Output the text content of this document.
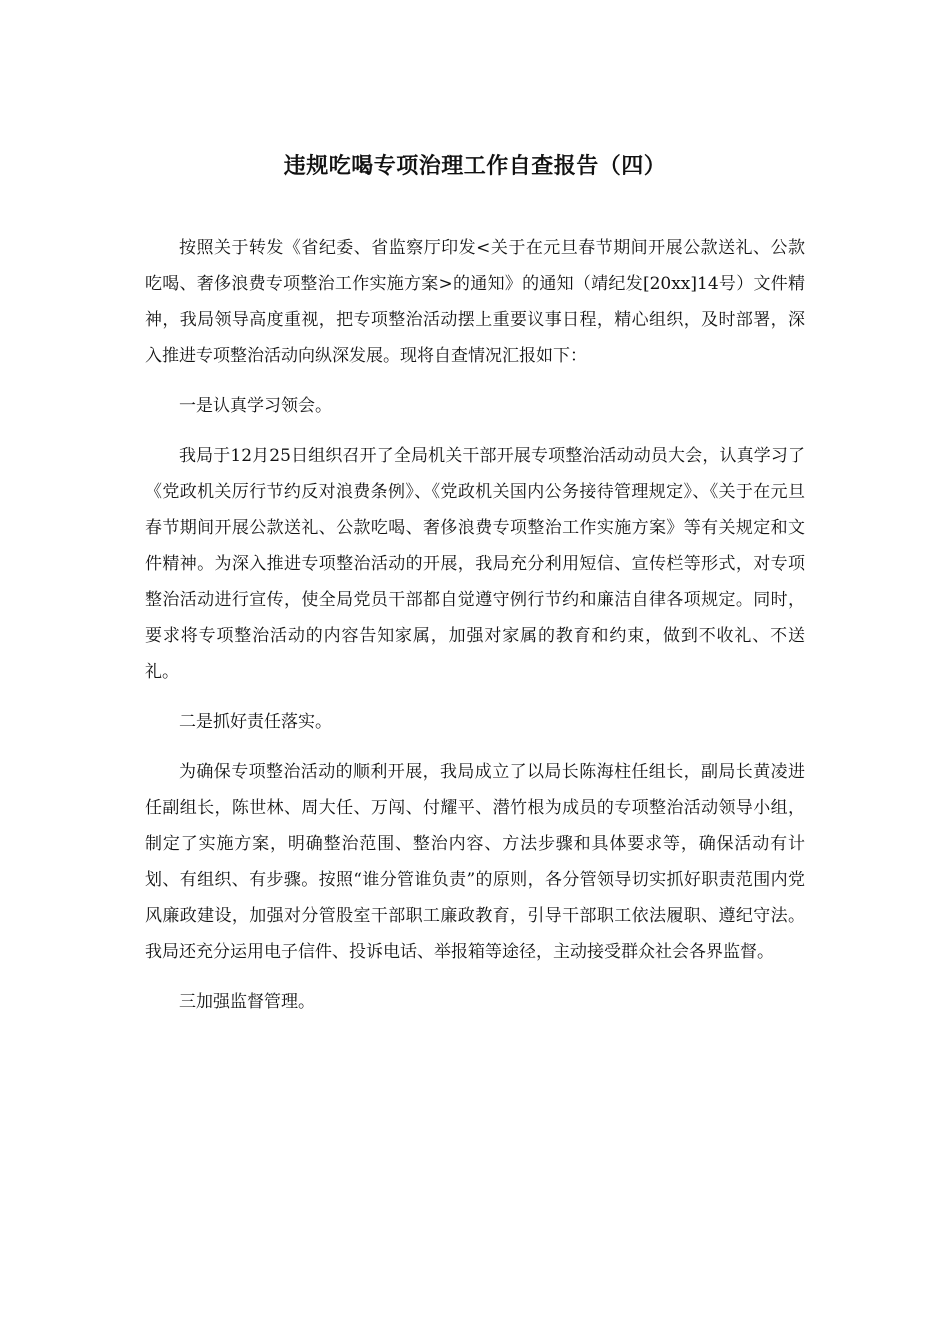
违规吃喝专项治理工作自查报告（四）

按照关于转发《省纪委、省监察厅印发<关于在元旦春节期间开展公款送礼、公款吃喝、奢侈浪费专项整治工作实施方案>的通知》的通知（靖纪发[20xx]14号）文件精神，我局领导高度重视，把专项整治活动摆上重要议事日程，精心组织，及时部署，深入推进专项整治活动向纵深发展。现将自查情况汇报如下：

一是认真学习领会。

我局于12月25日组织召开了全局机关干部开展专项整治活动动员大会，认真学习了《党政机关厉行节约反对浪费条例》、《党政机关国内公务接待管理规定》、《关于在元旦春节期间开展公款送礼、公款吃喝、奢侈浪费专项整治工作实施方案》等有关规定和文件精神。为深入推进专项整治活动的开展，我局充分利用短信、宣传栏等形式，对专项整治活动进行宣传，使全局党员干部都自觉遵守例行节约和廉洁自律各项规定。同时，要求将专项整治活动的内容告知家属，加强对家属的教育和约束，做到不收礼、不送礼。

二是抓好责任落实。

为确保专项整治活动的顺利开展，我局成立了以局长陈海柱任组长，副局长黄凌进任副组长，陈世林、周大任、万闯、付耀平、潜竹根为成员的专项整治活动领导小组，制定了实施方案，明确整治范围、整治内容、方法步骤和具体要求等，确保活动有计划、有组织、有步骤。按照“谁分管谁负责”的原则，各分管领导切实抓好职责范围内党风廉政建设，加强对分管股室干部职工廉政教育，引导干部职工依法履职、遵纪守法。我局还充分运用电子信件、投诉电话、举报箱等途径，主动接受群众社会各界监督。

三加强监督管理。
